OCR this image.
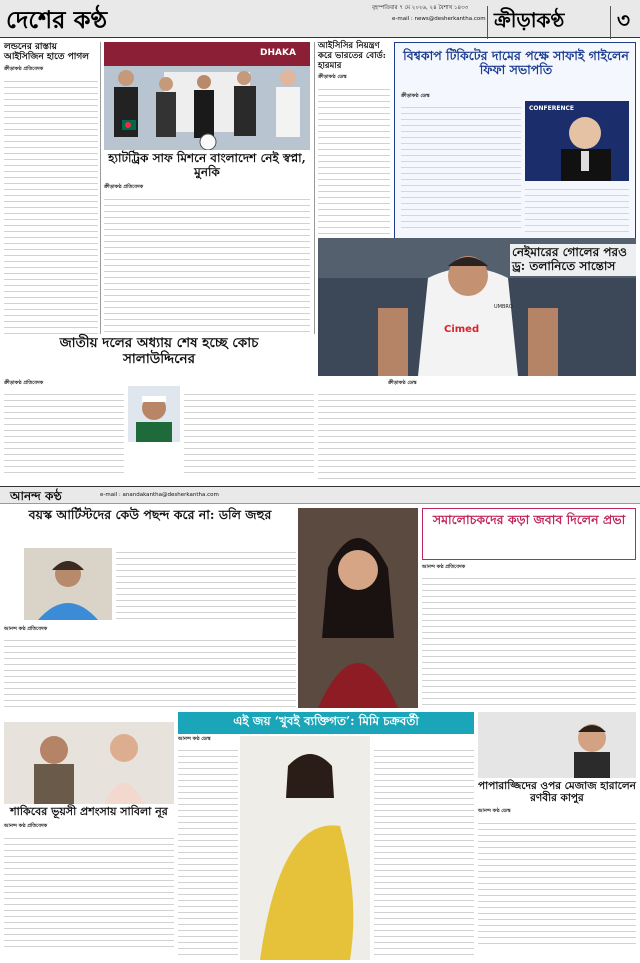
দেশের কণ্ঠ	বৃহস্পতিবার ৭ মে ২০২৬, ২৪ বৈশাখ ১৪৩৩
e-mail : news@desherkantha.com ক্রীড়াকণ্ঠ	৩
লন্ডনের রাস্তায় আইসিজিন হাতে পাগল
ক্রীড়াকণ্ঠ প্রতিবেদক
DHAKA
হ্যাটট্রিক সাফ মিশনে বাংলাদেশ নেই স্বপ্না, মুনকি
ক্রীড়াকণ্ঠ প্রতিবেদক
আইসিসির নিয়ন্ত্রণ করে ভারতের বোর্ড: হারমার
ক্রীড়াকণ্ঠ ডেস্ক
বিশ্বকাপ টিকিটের দামের পক্ষে সাফাই গাইলেন ফিফা সভাপতি
ক্রীড়াকণ্ঠ ডেস্ক
CONFERENCE
জাতীয় দলের অধ্যায় শেষ হচ্ছে কোচ সালাউদ্দিনের
ক্রীড়াকণ্ঠ প্রতিবেদক
Cimed
UMBRO
নেইমারের গোলের পরও ড্র: তলানিতে সান্তোস
ক্রীড়াকণ্ঠ ডেস্ক
আনন্দ কণ্ঠ	e-mail : anandakantha@desherkantha.com
বয়স্ক আর্টিস্টদের কেউ পছন্দ করে না: ডলি জহুর
আনন্দ কণ্ঠ প্রতিবেদক
সমালোচকদের কড়া জবাব দিলেন প্রভা
আনন্দ কণ্ঠ প্রতিবেদক
শাকিবের ভূয়সী প্রশংসায় সাবিলা নূর
আনন্দ কণ্ঠ প্রতিবেদক
এই জয় ‘খুবই ব্যক্তিগত’: মিমি চক্রবর্তী
আনন্দ কণ্ঠ ডেস্ক
পাপারাজ্জিদের ওপর মেজাজ হারালেন রণবীর কাপুর
আনন্দ কণ্ঠ ডেস্ক
